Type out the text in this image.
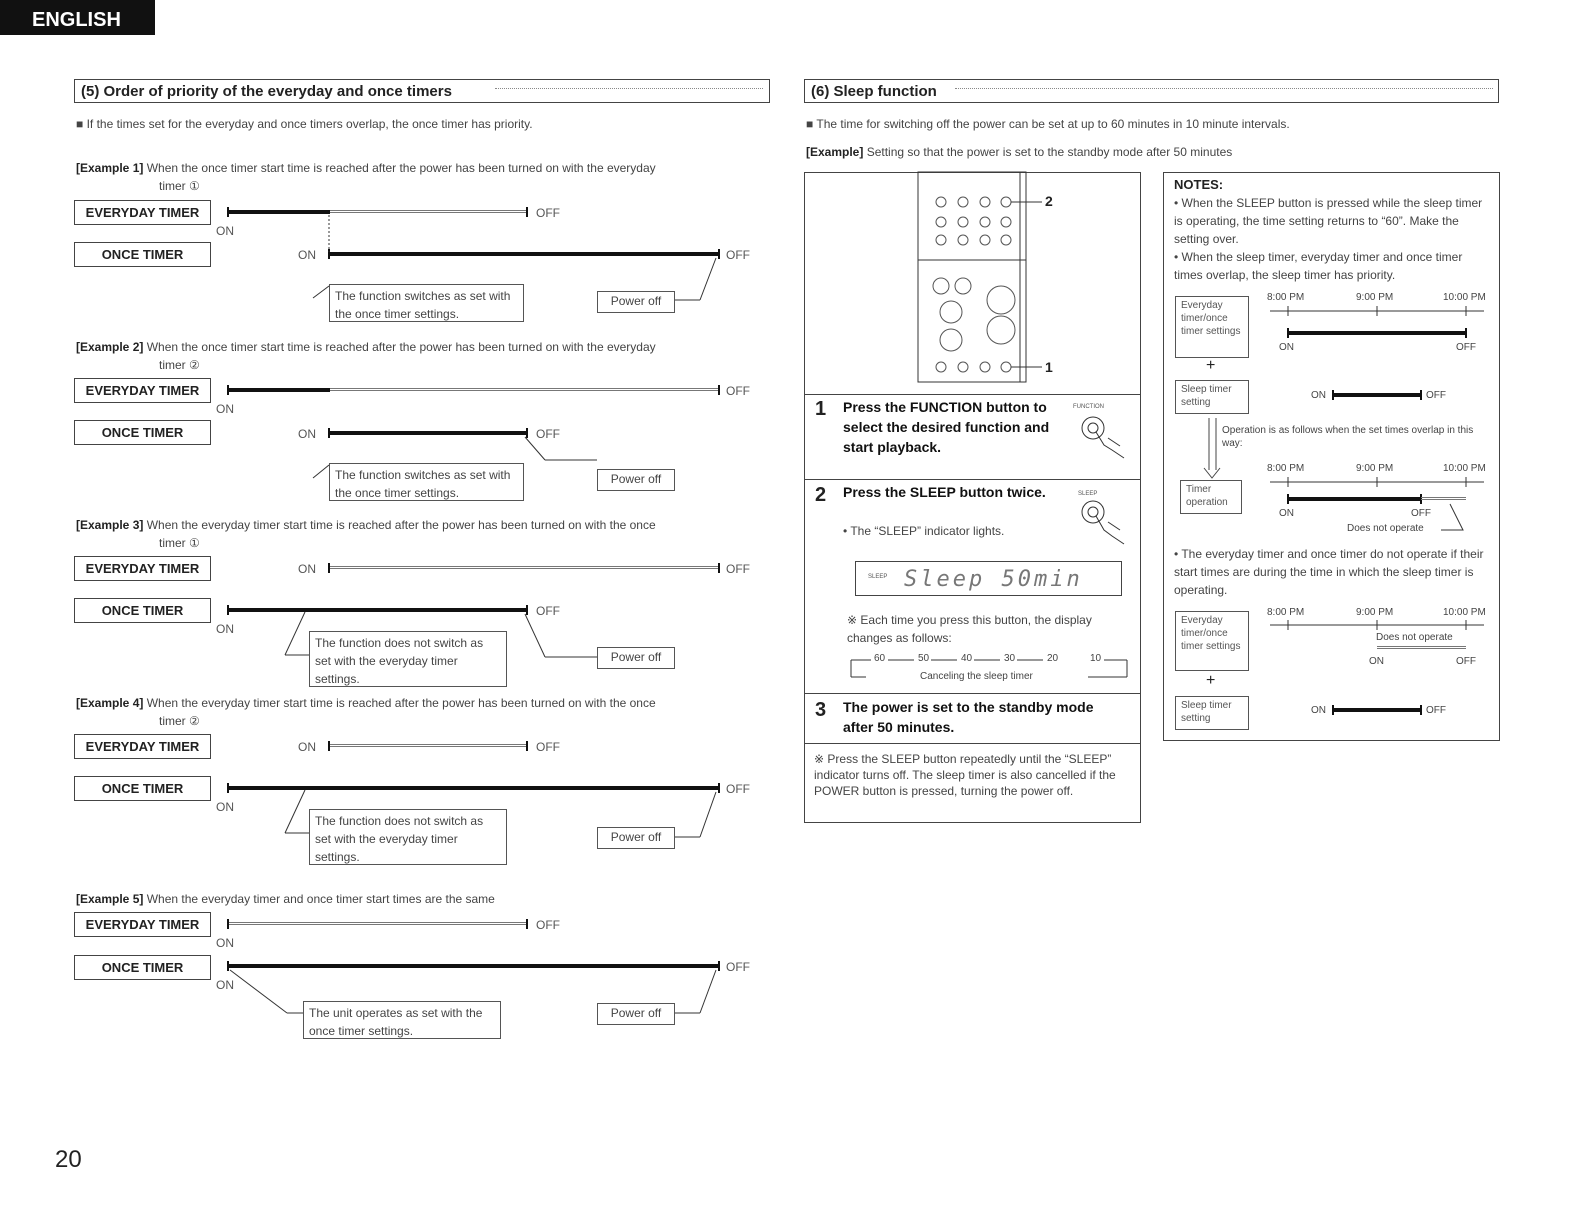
ENGLISH
(5) Order of priority of the everyday and once timers
■ If the times set for the everyday and once timers overlap, the once timer has priority.
[Example 1] When the once timer start time is reached after the power has been turned on with the everyday
timer ①
EVERYDAY TIMER
ONCE TIMER
OFF
ON
ON	OFF
The function switches as set with the once timer settings.
Power off
[Example 2] When the once timer start time is reached after the power has been turned on with the everyday
timer ②
EVERYDAY TIMER
ONCE TIMER
OFF
ON
ON	OFF
The function switches as set with the once timer settings.
Power off
[Example 3] When the everyday timer start time is reached after the power has been turned on with the once
timer ①
EVERYDAY TIMER
ONCE TIMER
ON	OFF
OFF
ON
The function does not switch as set with the everyday timer settings.
Power off
[Example 4] When the everyday timer start time is reached after the power has been turned on with the once
timer ②
EVERYDAY TIMER
ONCE TIMER
ON	OFF
OFF
ON
The function does not switch as set with the everyday timer settings.
Power off
[Example 5] When the everyday timer and once timer start times are the same
EVERYDAY TIMER
ONCE TIMER
OFF
ON
OFF
ON
The unit operates as set with the once timer settings.
Power off
20
(6) Sleep function
■ The time for switching off the power can be set at up to 60 minutes in 10 minute intervals.
[Example] Setting so that the power is set to the standby mode after 50 minutes
2
1
1 Press the FUNCTION button to select the desired function and start playback.
FUNCTION
2 Press the SLEEP button twice.
• The “SLEEP” indicator lights.
SLEEP
SLEEP Sleep 50min
※ Each time you press this button, the display changes as follows:
60	50	40	30	20	10
Canceling the sleep timer
3 The power is set to the standby mode after 50 minutes.
※ Press the SLEEP button repeatedly until the “SLEEP” indicator turns off. The sleep timer is also cancelled if the POWER button is pressed, turning the power off.
NOTES:
• When the SLEEP button is pressed while the sleep timer is operating, the time setting returns to “60”. Make the setting over.
• When the sleep timer, everyday timer and once timer times overlap, the sleep timer has priority.
Everyday timer/once timer settings
8:00 PM	9:00 PM	10:00 PM
ON	OFF
+
Sleep timer setting
ON	OFF
Operation is as follows when the set times overlap in this way:
8:00 PM	9:00 PM	10:00 PM
Timer operation
ON	OFF
Does not operate
• The everyday timer and once timer do not operate if their start times are during the time in which the sleep timer is operating.
Everyday timer/once timer settings
8:00 PM	9:00 PM	10:00 PM
Does not operate
ON	OFF
+
Sleep timer setting
ON	OFF
